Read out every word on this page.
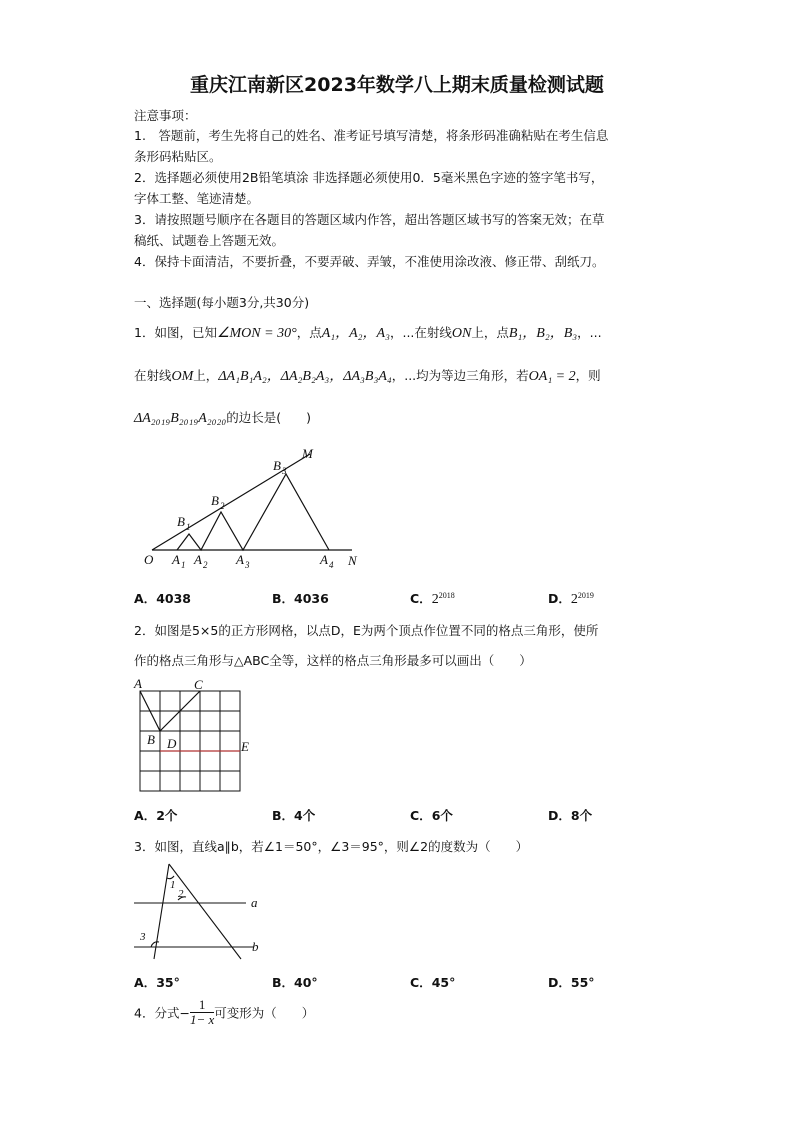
重庆江南新区2023年数学八上期末质量检测试题
注意事项：
1.　答题前，考生先将自己的姓名、准考证号填写清楚，将条形码准确粘贴在考生信息
条形码粘贴区。
2．选择题必须使用2B铅笔填涂 非选择题必须使用0．5毫米黑色字迹的签字笔书写，
字体工整、笔迹清楚。
3．请按照题号顺序在各题目的答题区域内作答，超出答题区域书写的答案无效；在草
稿纸、试题卷上答题无效。
4．保持卡面清洁，不要折叠，不要弄破、弄皱，不准使用涂改液、修正带、刮纸刀。
一、选择题(每小题3分,共30分)
1．如图，已知∠MON = 30°，点A₁，A₂，A₃，...在射线ON上，点B₁，B₂，B₃，...
在射线OM上，ΔA₁B₁A₂，ΔA₂B₂A₃，ΔA₃B₃A₄，...均为等边三角形，若OA₁ = 2，则
ΔA₂₀₁₉B₂₀₁₉A₂₀₂₀的边长是(　　)
O	N
M
A 1 A 2 A 3	A 4
B 1
B 2
B 3
A．4038	B．4036	C．$2^{2018}$	D．$2^{2019}$
2．如图是5×5的正方形网格，以点D，E为两个顶点作位置不同的格点三角形，使所
作的格点三角形与△ABC全等，这样的格点三角形最多可以画出（　　）
A	C
B D	E
A．2个	B．4个	C．6个	D．8个
3．如图，直线a∥b，若∠1＝50°，∠3＝95°，则∠2的度数为（　　）
1
2
3
a
b
A．35°	B．40°	C．45°	D．55°
4．分式− $\frac{1}{1- x}$ 可变形为（　　）
